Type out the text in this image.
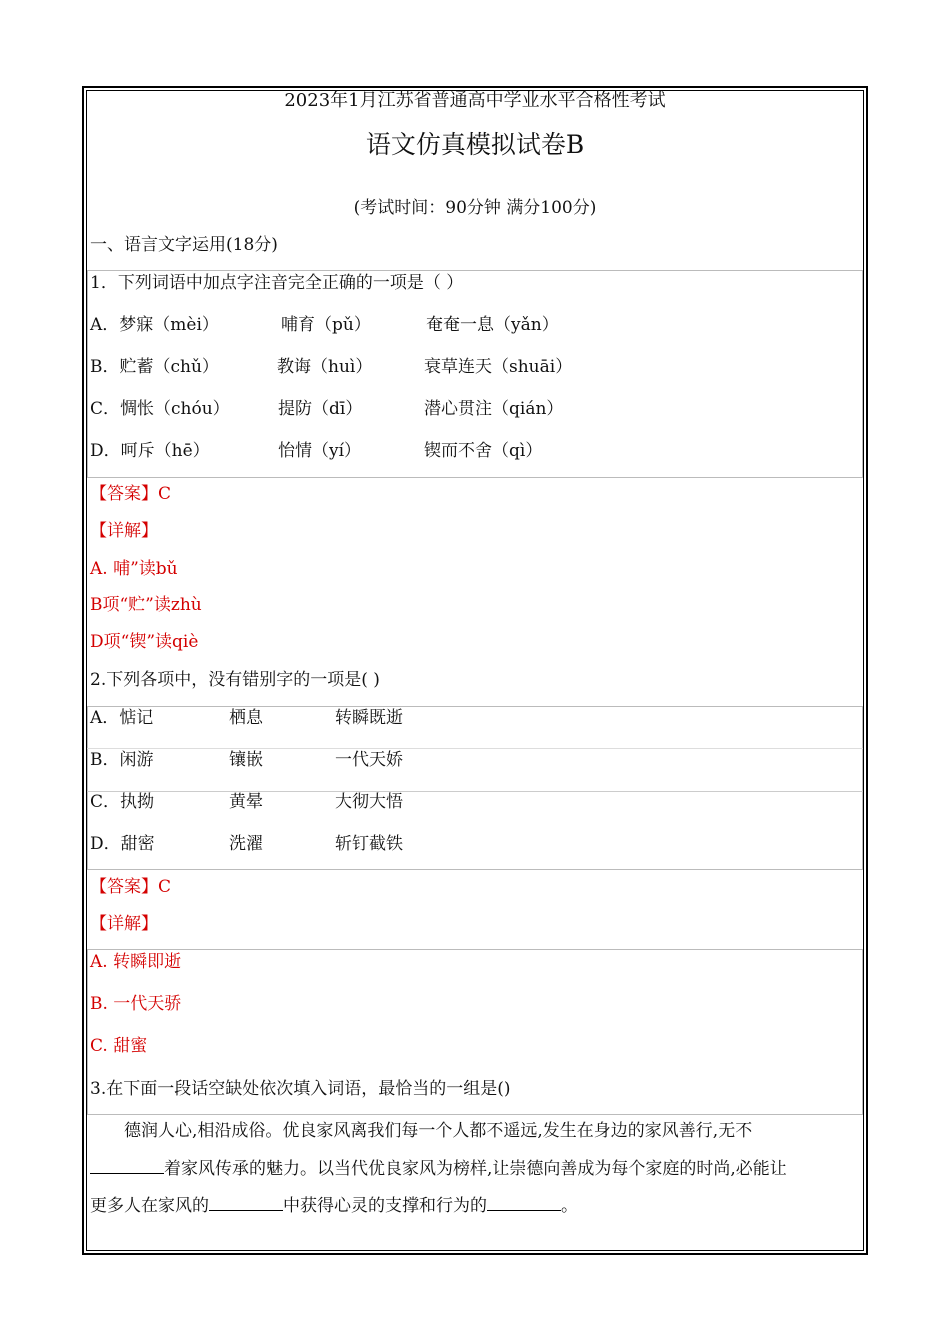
2023年1月江苏省普通高中学业水平合格性考试
语文仿真模拟试卷B
(考试时间：90分钟 满分100分)
一、语言文字运用(18分)
1．下列词语中加点字注音完全正确的一项是（ ）
A．梦寐（mèi）	哺育（pǔ）	奄奄一息（yǎn）
B．贮蓄（chǔ）	教诲（huì）	衰草连天（shuāi）
C．惆怅（chóu）	提防（dī）	潜心贯注（qián）
D．呵斥（hē）	怡情（yí）	锲而不舍（qì）
【答案】C
【详解】
A. 哺”读bǔ
B项“贮”读zhù
D项“锲”读qiè
2.下列各项中，没有错别字的一项是( )
A．惦记	栖息	转瞬既逝
B．闲游	镶嵌	一代天娇
C．执拗	黄晕	大彻大悟
D．甜密	洗濯	斩钉截铁
【答案】C
【详解】
A. 转瞬即逝
B. 一代天骄
C. 甜蜜
3.在下面一段话空缺处依次填入词语，最恰当的一组是()
德润人心,相沿成俗。优良家风离我们每一个人都不遥远,发生在身边的家风善行,无不
着家风传承的魅力。以当代优良家风为榜样,让崇德向善成为每个家庭的时尚,必能让
更多人在家风的	中获得心灵的支撑和行为的	。
